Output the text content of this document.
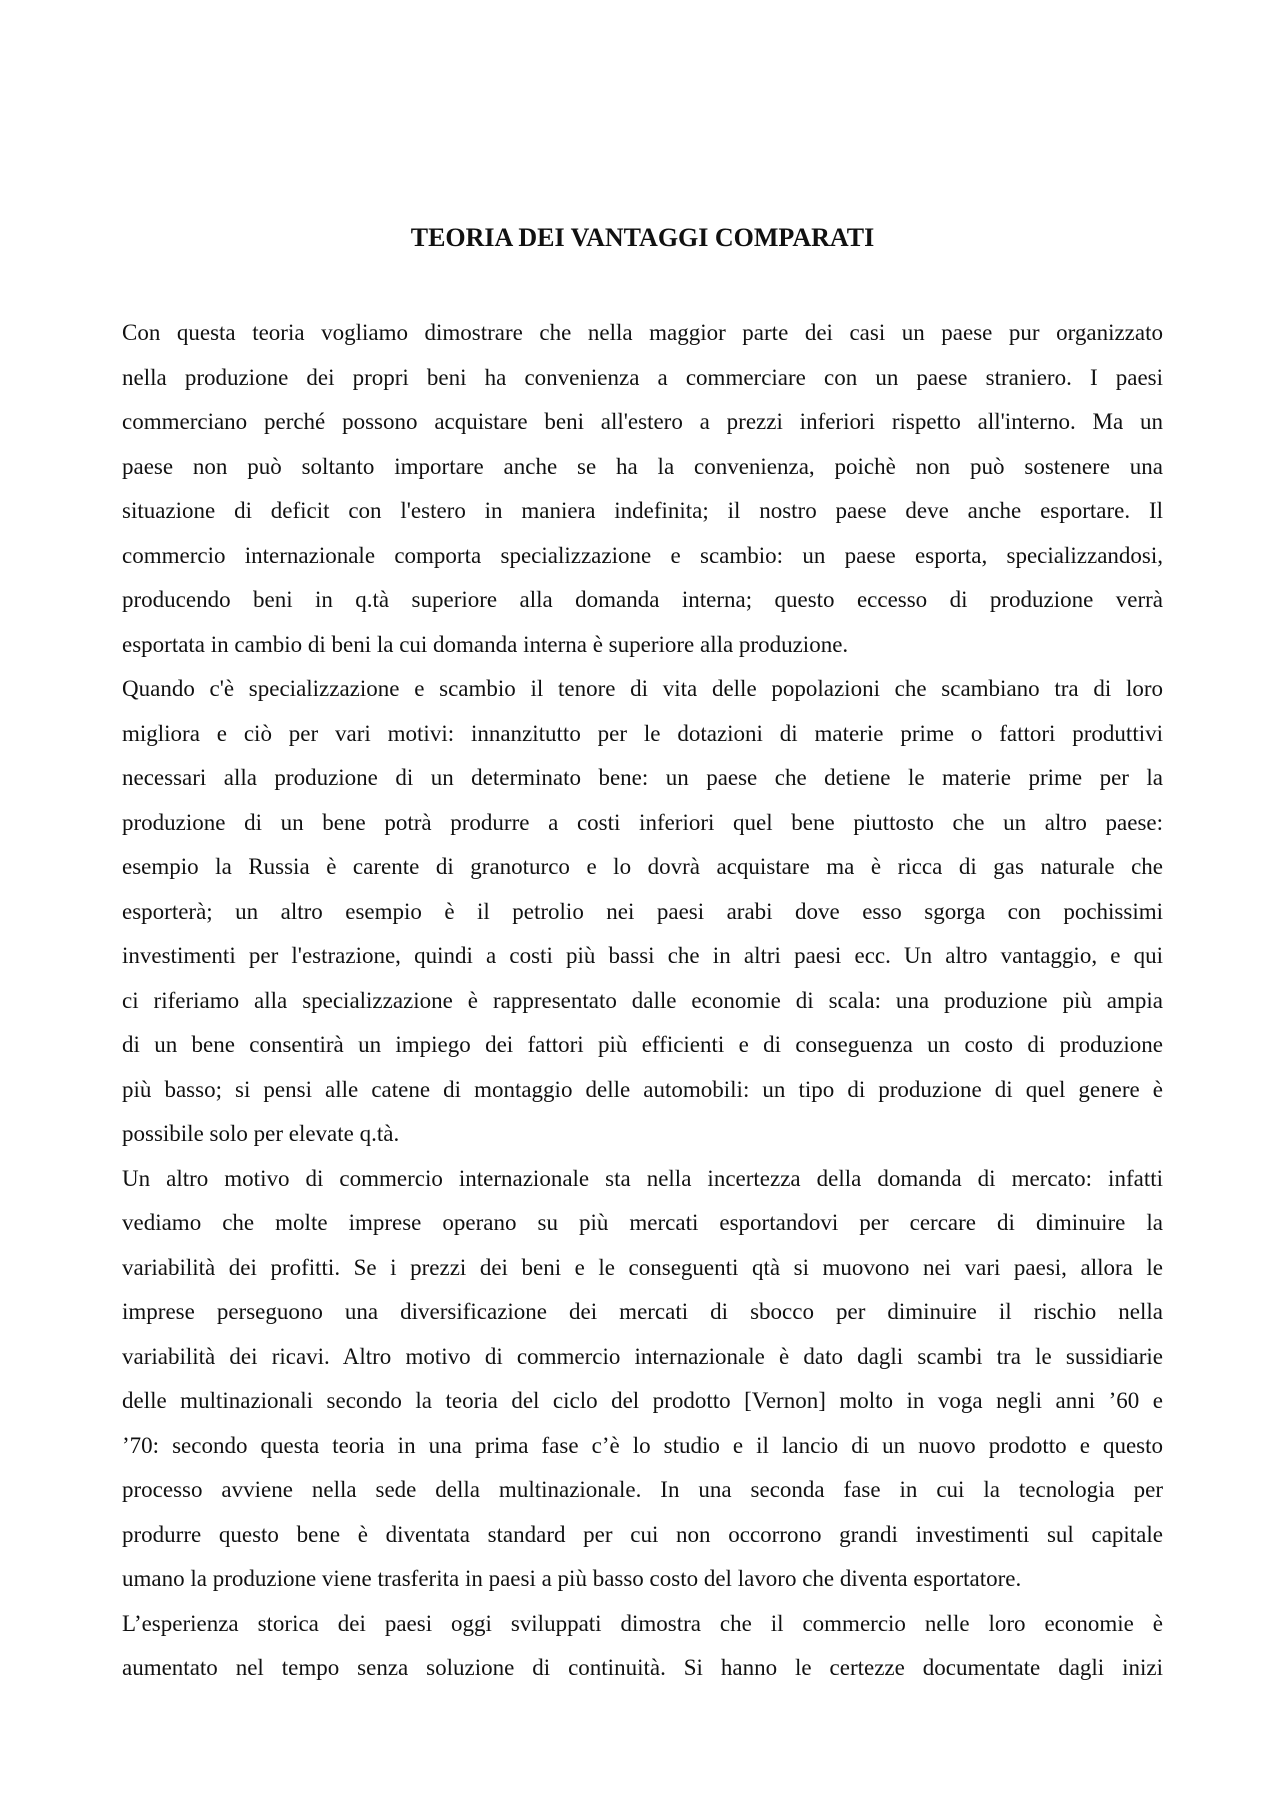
TEORIA DEI VANTAGGI COMPARATI

Con questa teoria vogliamo dimostrare che nella maggior parte dei casi un paese pur organizzato
nella produzione dei propri beni ha convenienza a commerciare con un paese straniero. I paesi
commerciano perché possono acquistare beni all'estero a prezzi inferiori rispetto all'interno. Ma un
paese non può soltanto importare anche se ha la convenienza, poichè non può sostenere una
situazione di deficit con l'estero in maniera indefinita; il nostro paese deve anche esportare. Il
commercio internazionale comporta specializzazione e scambio: un paese esporta, specializzandosi,
producendo beni in q.tà superiore alla domanda interna; questo eccesso di produzione verrà
esportata in cambio di beni la cui domanda interna è superiore alla produzione.

Quando c'è specializzazione e scambio il tenore di vita delle popolazioni che scambiano tra di loro
migliora e ciò per vari motivi: innanzitutto per le dotazioni di materie prime o fattori produttivi
necessari alla produzione di un determinato bene: un paese che detiene le materie prime per la
produzione di un bene potrà produrre a costi inferiori quel bene piuttosto che un altro paese:
esempio la Russia è carente di granoturco e lo dovrà acquistare ma è ricca di gas naturale che
esporterà; un altro esempio è il petrolio nei paesi arabi dove esso sgorga con pochissimi
investimenti per l'estrazione, quindi a costi più bassi che in altri paesi ecc. Un altro vantaggio, e qui
ci riferiamo alla specializzazione è rappresentato dalle economie di scala: una produzione più ampia
di un bene consentirà un impiego dei fattori più efficienti e di conseguenza un costo di produzione
più basso; si pensi alle catene di montaggio delle automobili: un tipo di produzione di quel genere è
possibile solo per elevate q.tà.

Un altro motivo di commercio internazionale sta nella incertezza della domanda di mercato: infatti
vediamo che molte imprese operano su più mercati esportandovi per cercare di diminuire la
variabilità dei profitti. Se i prezzi dei beni e le conseguenti qtà si muovono nei vari paesi, allora le
imprese perseguono una diversificazione dei mercati di sbocco per diminuire il rischio nella
variabilità dei ricavi. Altro motivo di commercio internazionale è dato dagli scambi tra le sussidiarie
delle multinazionali secondo la teoria del ciclo del prodotto [Vernon] molto in voga negli anni ’60 e
’70: secondo questa teoria in una prima fase c’è lo studio e il lancio di un nuovo prodotto e questo
processo avviene nella sede della multinazionale. In una seconda fase in cui la tecnologia per
produrre questo bene è diventata standard per cui non occorrono grandi investimenti sul capitale
umano la produzione viene trasferita in paesi a più basso costo del lavoro che diventa esportatore.

L’esperienza storica dei paesi oggi sviluppati dimostra che il commercio nelle loro economie è
aumentato nel tempo senza soluzione di continuità. Si hanno le certezze documentate dagli inizi
